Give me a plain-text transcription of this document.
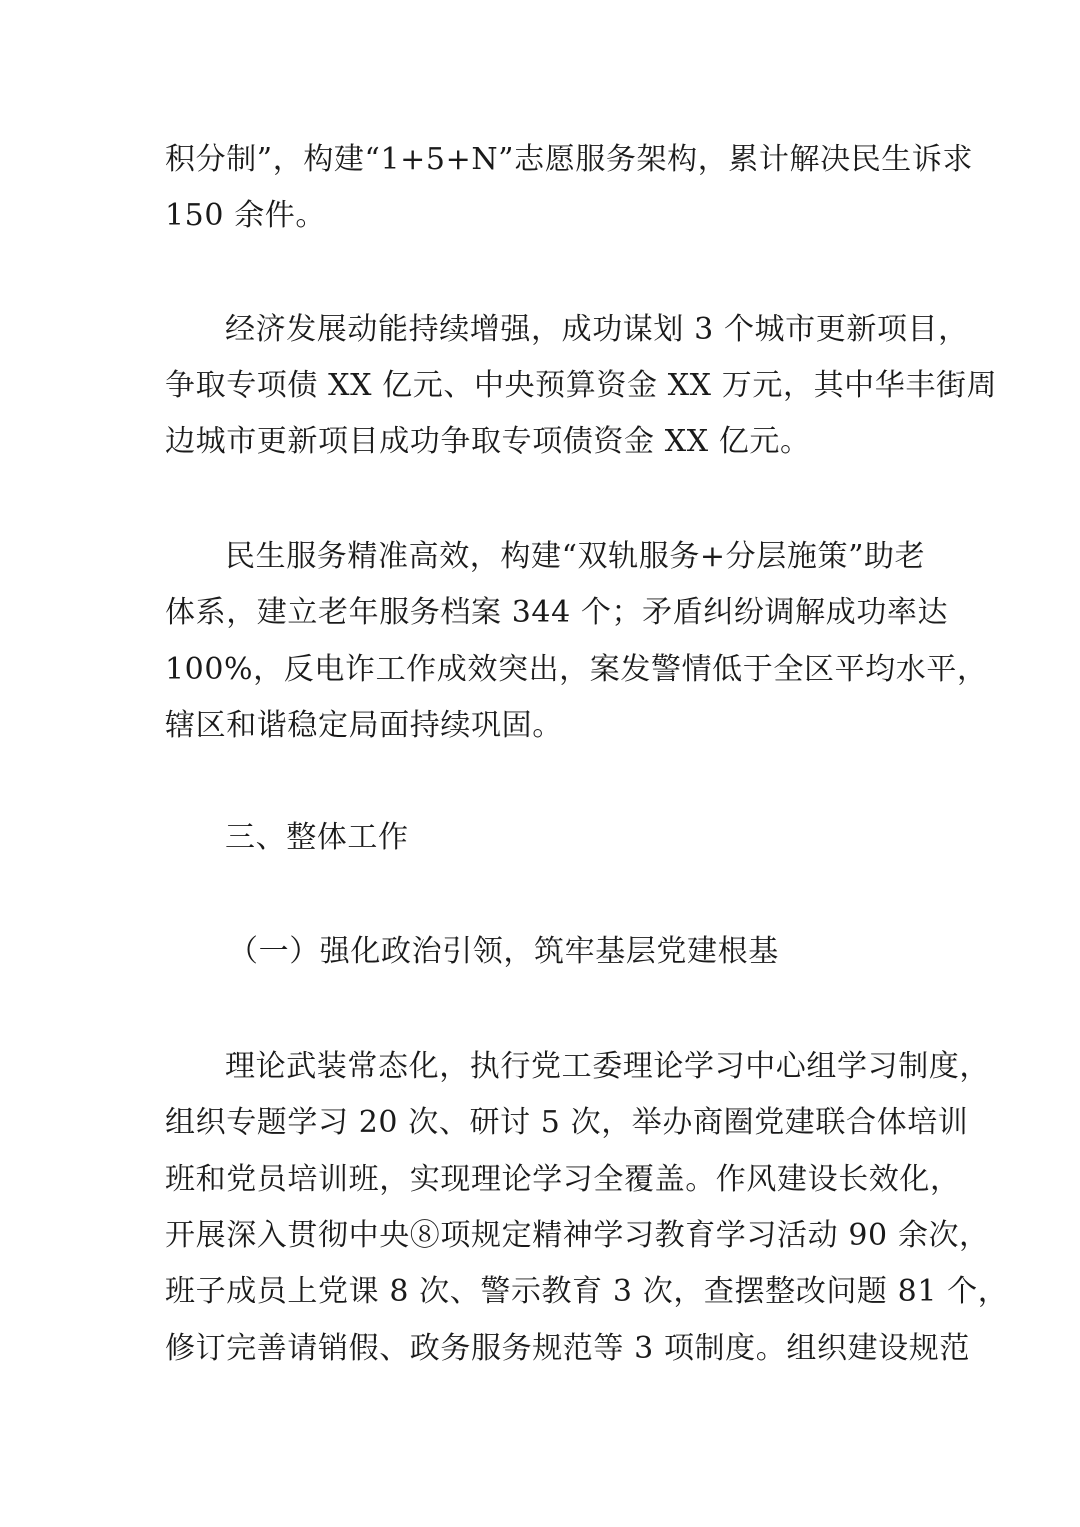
积分制”，构建“1+5+N”志愿服务架构，累计解决民生诉求
150 余件。
经济发展动能持续增强，成功谋划 3 个城市更新项目，
争取专项债 XX 亿元、中央预算资金 XX 万元，其中华丰街周
边城市更新项目成功争取专项债资金 XX 亿元。
民生服务精准高效，构建“双轨服务+分层施策”助老
体系，建立老年服务档案 344 个；矛盾纠纷调解成功率达
100%，反电诈工作成效突出，案发警情低于全区平均水平，
辖区和谐稳定局面持续巩固。
三、整体工作
（一）强化政治引领，筑牢基层党建根基
理论武装常态化，执行党工委理论学习中心组学习制度，
组织专题学习 20 次、研讨 5 次，举办商圈党建联合体培训
班和党员培训班，实现理论学习全覆盖。作风建设长效化，
开展深入贯彻中央⑧项规定精神学习教育学习活动 90 余次，
班子成员上党课 8 次、警示教育 3 次，查摆整改问题 81 个，
修订完善请销假、政务服务规范等 3 项制度。组织建设规范
